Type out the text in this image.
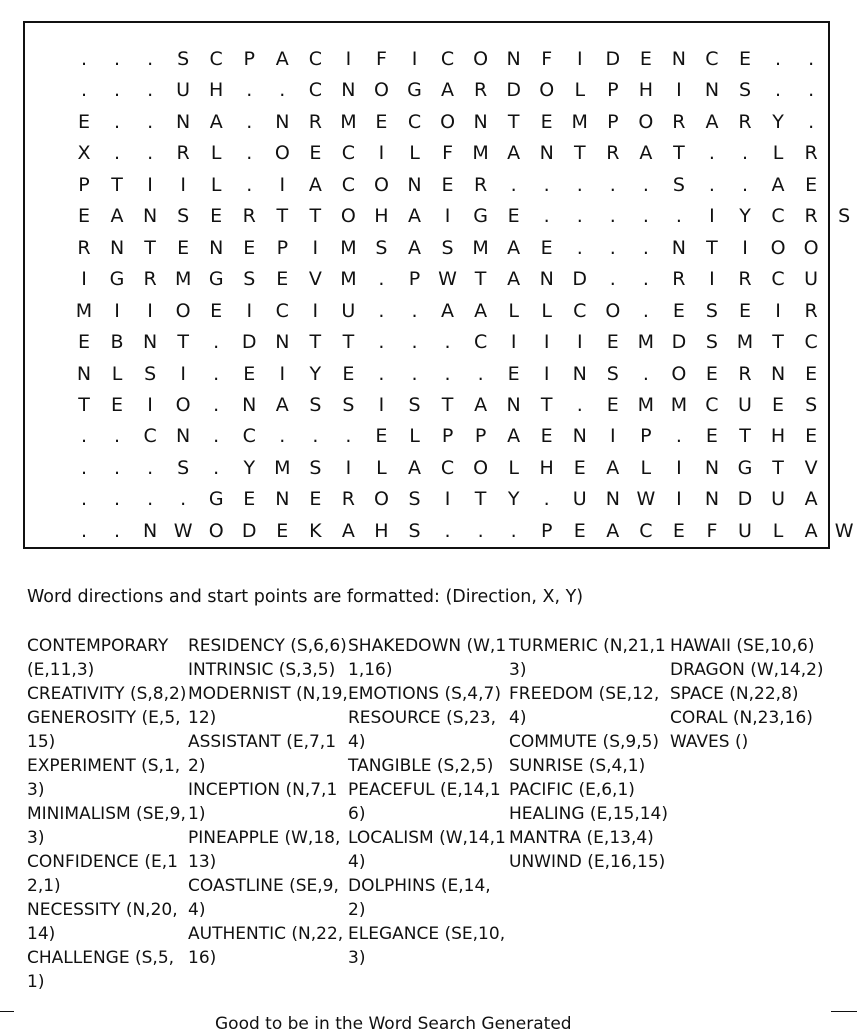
.	.	.	S C P A C	I	F	I	C O N F	I	D E N C E	.	.
.	.	.	U H	.	.	C N O G A R D O L P H	I	N S	.	.
E	.	.	N A	.	N R M E C O N T E M P O R A R Y	.
X	.	.	R L	.	O E C	I	L F M A N T R A T	.	.	L R
P T	I	I	L	.	I	A C O N E R	.	.	.	.	.	S	.	.	A E
E A N S E R T T O H A	I	G E	.	.	.	.	.	I	Y C R S
R N T E N E P	I	M S A S M A E	.	.	.	N T	I	O O
I	G R M G S E V M	.	P W T A N D	.	.	R	I	R C U
M	I	I	O E	I	C	I	U	.	.	A A L L C O	.	E S E	I	R
E B N T	.	D N T T	.	.	.	C	I	I	I	E M D S M T C
N L S	I	.	E	I	Y E	.	.	.	.	E	I	N S	.	O E R N E
T E	I	O	.	N A S S	I	S T A N T	.	E M M C U E S
.	.	C N	.	C	.	.	.	E L P P A E N	I	P	.	E T H E
.	.	.	S	.	Y M S	I	L A C O L H E A L	I	N G T V
.	.	.	.	G E N E R O S	I	T Y	.	U N W	I	N D U A
.	.	N W O D E K A H S	.	.	.	P E A C E F U L A W
Word directions and start points are formatted: (Direction, X, Y)
CONTEMPORARY (E,11,3)
CREATIVITY (S,8,2)
GENEROSITY (E,5,15)
EXPERIMENT (S,1,3)
MINIMALISM (SE,9,3)
CONFIDENCE (E,12,1)
NECESSITY (N,20,14)
CHALLENGE (S,5,1)
RESIDENCY (S,6,6)
INTRINSIC (S,3,5)
MODERNIST (N,19,12)
ASSISTANT (E,7,12)
INCEPTION (N,7,11)
PINEAPPLE (W,18,13)
COASTLINE (SE,9,4)
AUTHENTIC (N,22,16)
SHAKEDOWN (W,11,16)
EMOTIONS (S,4,7)
RESOURCE (S,23,4)
TANGIBLE (S,2,5)
PEACEFUL (E,14,16)
LOCALISM (W,14,14)
DOLPHINS (E,14,2)
ELEGANCE (SE,10,3)
TURMERIC (N,21,13)
FREEDOM (SE,12,4)
COMMUTE (S,9,5)
SUNRISE (S,4,1)
PACIFIC (E,6,1)
HEALING (E,15,14)
MANTRA (E,13,4)
UNWIND (E,16,15)
HAWAII (SE,10,6)
DRAGON (W,14,2)
SPACE (N,22,8)
CORAL (N,23,16)
WAVES ()
Good to be in the Word Search Generated
